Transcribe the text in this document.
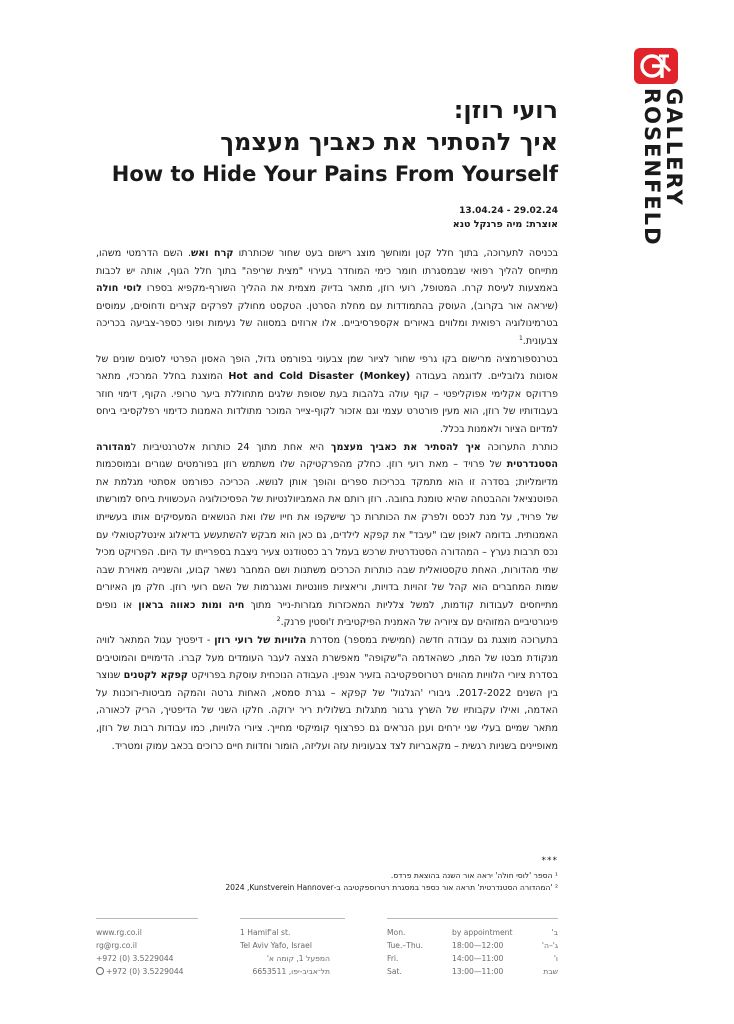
ROSENFELD
GALLERY
רועי רוזן:
איך להסתיר את כאביך מעצמך
How to Hide Your Pains From Yourself
13.04.24 - 29.02.24
אוצרת: מיה פרנקל טנא

בכניסה לתערוכה, בתוך חלל קטן ומוחשך מוצג רישום בעט שחור שכותרתו קרח ואש. השם הדרמטי משהו, מתייחס להליך רפואי שבמסגרתו חומר כימי המוחדר בעירוי "מצית שריפה" בתוך חלל הגוף, אותה יש לכבות באמצעות לעיסת קרח. המטופל, רועי רוזן, מתאר בדיוק מצמית את ההליך השורף-מקפיא בספרו לוסי חולה (שיראה אור בקרוב), העוסק בהתמודדות עם מחלת הסרטן. הטקסט מחולק לפרקים קצרים ודחוסים, עמוסים בטרמינולוגיה רפואית ומלווים באיורים אקספרסיביים. אלו ארוזים במסווה של נעימות ופוני כספר-צביעה בכריכה צבעונית.$^1$

בטרנספורמציה מרישום בקו גרפי שחור לציור שמן צבעוני בפורמט גדול, הופך האסון הפרטי לסוגים שונים של אסונות גלובליים. לדוגמה בעבודה Hot and Cold Disaster (Monkey) המוצגת בחלל המרכזי, מתאר פרדוקס אקלימי אפוקליפטי – קוף עולה בלהבות בעת שסופת שלגים מתחוללת ביער טרופי. הקוף, דימוי חוזר בעבודותיו של רוזן, הוא מעין פורטרט עצמי וגם אזכור לקוף-צייר המוכר מתולדות האמנות כדימוי רפלקסיבי ביחס למדיום הציור ולאמנות בכלל.

כותרת התערוכה איך להסתיר את כאביך מעצמך היא אחת מתוך 24 כותרות אלטרנטיביות למהדורה הסטנדרטית של פרויד – מאת רועי רוזן. כחלק מהפרקטיקה שלו משתמש רוזן בפורמטים שגורים ובמוסכמות מדיומליות; בסדרה זו הוא מתמקד בכריכות ספרים והופך אותן לנושא. הכריכה כפורמט אסתטי מגלמת את הפוטנציאל וההבטחה שהיא טומנת בחובה. רוזן רותם את האמביוולנטיות של הפסיכולוגיה העכשווית ביחס למורשתו של פרויד, על מנת לכסס ולפרק את הכותרות כך שישקפו את חייו שלו ואת הנושאים המעסיקים אותו בעשייתו האמנותית. בדומה לאופן שבו "עיבד" את קפקא לילדים, גם כאן הוא מבקש להשתעשע בדיאלוג אינטלקטואלי עם נכס תרבות נערץ – המהדורה הסטנדרטית שרכש בעמל רב כסטודנט צעיר ניצבת בספרייתו עד היום. הפרויקט מכיל שתי מהדורות, האחת טקסטואלית שבה כותרות הכרכים משתנות ושם המחבר נשאר קבוע, והשנייה מאוירת שבה שמות המחברים הוא קהל של זהויות בדויות, וריאציות פוונטיות ואנגרמות של השם רועי רוזן. חלק מן האיורים מתייחסים לעבודות קודמות, למשל צלליות המאכזרות מגזרות-נייר מתוך חיה ומות כאווה בראון או נופים פיגורטיביים המזוהים עם ציוריה של האמנית הפיקטיבית ז'וסטין פרנק.$^2$

בתערוכה מוצגת גם עבודה חדשה (חמישית במספר) מסדרת הלוויות של רועי רוזן - דיפטיך עגול המתאר לוויה מנקודת מבטו של המת, כשהאדמה ה"שקופה" מאפשרת הצצה לעבר העומדים מעל קברו. הדימויים והמוטיבים בסדרת ציורי הלוויות מהווים רטרוספקטיבה בזעיר אנפין. העבודה הנוכחית עוסקת בפרויקט קפקא לקטנים שנוצר בין השנים 2017-2022. גיבורי 'הגלגול' של קפקא – גגרת סמסא, האחות גרטה והמקה מביטות-רוכנות על האדמה, ואילו עקבותיו של השרץ גרגור מתגלות בשלולית ריר ירוקה. חלקו השני של הדיפטיך, הריק לכאורה, מתאר שמיים בעלי שני ירחים וענן הנראים גם כפרצוף קומיקסי מחייך. ציורי הלוויות, כמו עבודות רבות של רוזן, מאופיינים בשניות רגשית – מקאבריות לצד צבעוניות עזה ועליזה, הומור וחדוות חיים כרוכים בכאב עמוק ומטריד.

***
¹ הספר 'לוסי חולה' יראה אור השנה בהוצאת פרדס.
² 'המהדורה הסטנדרטית' תראה אור כספר במסגרת רטרוספקטיבה ב-Kunstverein Hannover, 2024
www.rg.co.il
rg@rg.co.il
+972 (0) 3.5229044
+972 (0) 3.5229044
1 Hamif'al st.
Tel Aviv Yafo, Israel
המפעל 1, קומה א'
תל־אביב-יפו, 6653511
Mon.
Tue.–Thu.
Fri.
Sat.
by appointment
18:00—12:00
14:00—11:00
13:00—11:00
ב'
ג'–ה'
ו'
שבת
